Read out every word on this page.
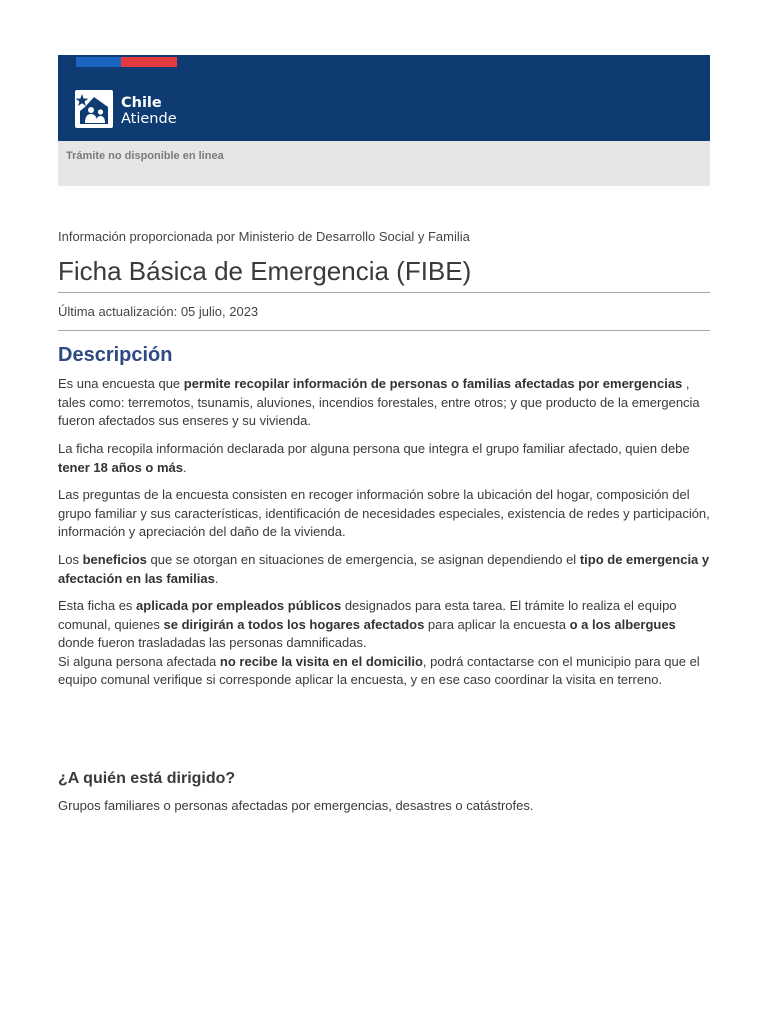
Chile
Atiende
Trámite no disponible en linea
Información proporcionada por Ministerio de Desarrollo Social y Familia
Ficha Básica de Emergencia (FIBE)
Última actualización: 05 julio, 2023
Descripción

Es una encuesta que permite recopilar información de personas o familias afectadas por emergencias , tales como: terremotos, tsunamis, aluviones, incendios forestales, entre otros; y que producto de la emergencia fueron afectados sus enseres y su vivienda.

La ficha recopila información declarada por alguna persona que integra el grupo familiar afectado, quien debe tener 18 años o más.

Las preguntas de la encuesta consisten en recoger información sobre la ubicación del hogar, composición del grupo familiar y sus características, identificación de necesidades especiales, existencia de redes y participación, información y apreciación del daño de la vivienda.

Los beneficios que se otorgan en situaciones de emergencia, se asignan dependiendo el tipo de emergencia y afectación en las familias.

Esta ficha es aplicada por empleados públicos designados para esta tarea. El trámite lo realiza el equipo comunal, quienes se dirigirán a todos los hogares afectados para aplicar la encuesta o a los albergues donde fueron trasladadas las personas damnificadas.
Si alguna persona afectada no recibe la visita en el domicilio, podrá contactarse con el municipio para que el equipo comunal verifique si corresponde aplicar la encuesta, y en ese caso coordinar la visita en terreno.

¿A quién está dirigido?

Grupos familiares o personas afectadas por emergencias, desastres o catástrofes.
